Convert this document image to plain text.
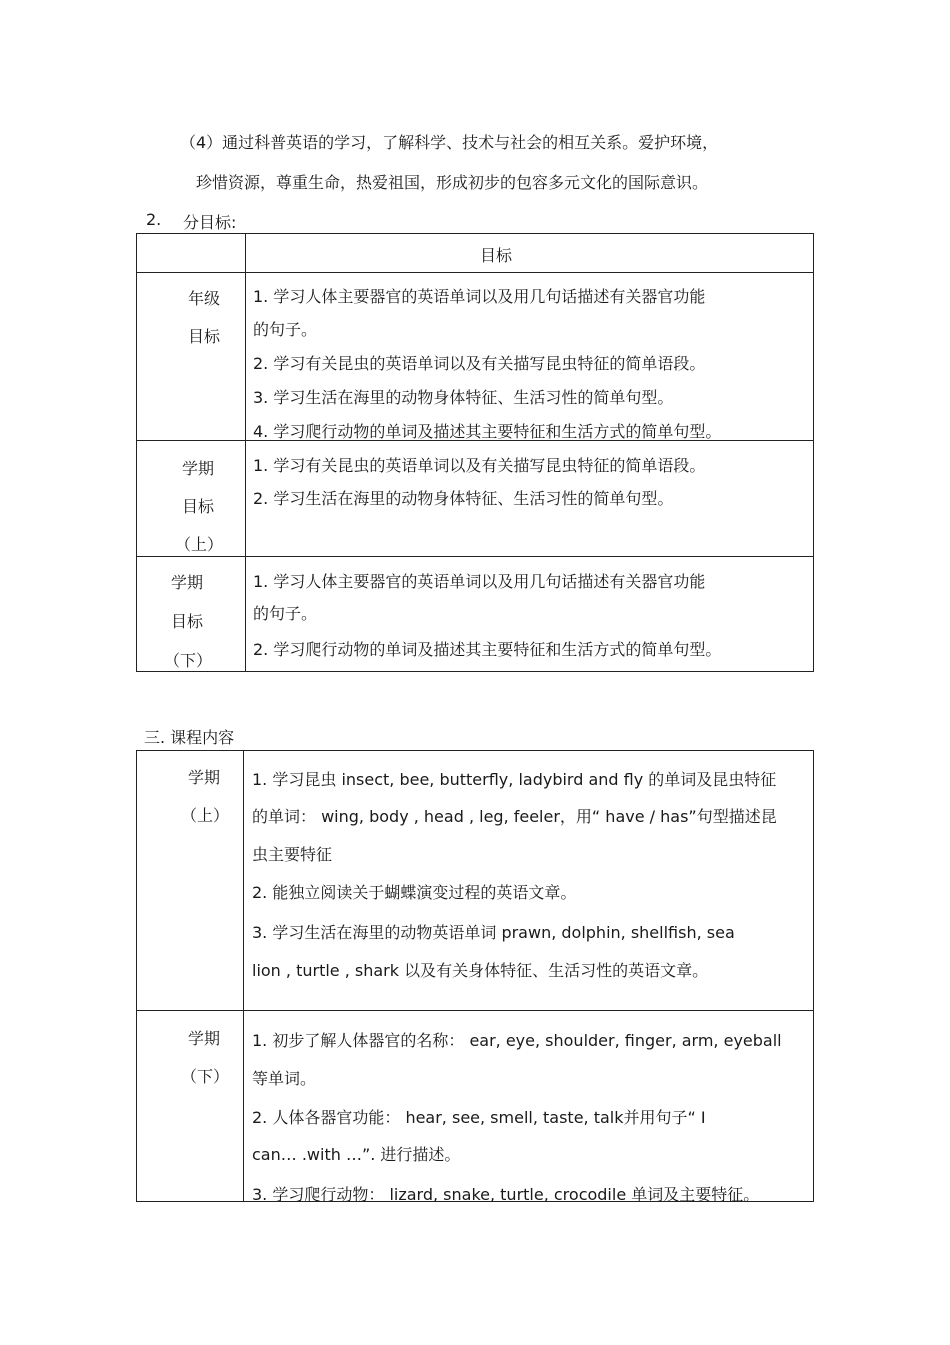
（4）通过科普英语的学习，了解科学、技术与社会的相互关系。爱护环境，
珍惜资源，尊重生命，热爱祖国，形成初步的包容多元文化的国际意识。
2. 分目标:
目标
年级
目标
1. 学习人体主要器官的英语单词以及用几句话描述有关器官功能
的句子。
2. 学习有关昆虫的英语单词以及有关描写昆虫特征的简单语段。
3. 学习生活在海里的动物身体特征、生活习性的简单句型。
4. 学习爬行动物的单词及描述其主要特征和生活方式的简单句型。
学期
目标
（上）
1. 学习有关昆虫的英语单词以及有关描写昆虫特征的简单语段。
2. 学习生活在海里的动物身体特征、生活习性的简单句型。
学期
目标
（下）
1. 学习人体主要器官的英语单词以及用几句话描述有关器官功能
的句子。
2. 学习爬行动物的单词及描述其主要特征和生活方式的简单句型。
三. 课程内容
学期
（上）
1. 学习昆虫 insect, bee, butterfly, ladybird and fly 的单词及昆虫特征
的单词： wing, body , head , leg, feeler，用“ have / has”句型描述昆
虫主要特征
2. 能独立阅读关于蝴蝶演变过程的英语文章。
3. 学习生活在海里的动物英语单词 prawn, dolphin, shellfish, sea
lion , turtle , shark 以及有关身体特征、生活习性的英语文章。
学期
（下）
1. 初步了解人体器官的名称： ear, eye, shoulder, finger, arm, eyeball
等单词。
2. 人体各器官功能： hear, see, smell, taste, talk并用句子“ I
can… .with …”. 进行描述。
3. 学习爬行动物： lizard, snake, turtle, crocodile 单词及主要特征。
